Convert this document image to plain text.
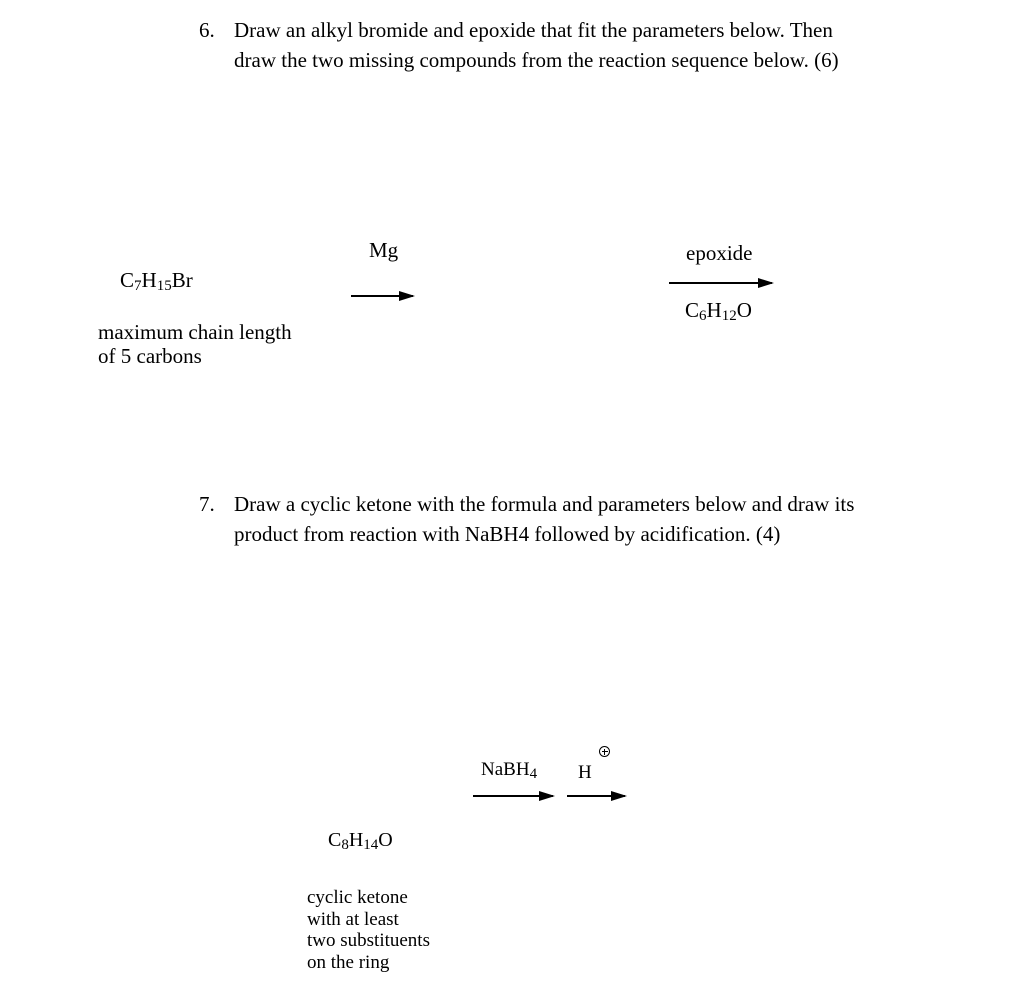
6. Draw an alkyl bromide and epoxide that fit the parameters below. Then
draw the two missing compounds from the reaction sequence below. (6)
$C_7H_{15}Br$
maximum chain length
of 5 carbons
Mg	epoxide
$C_6H_{12}O$
7. Draw a cyclic ketone with the formula and parameters below and draw its
product from reaction with NaBH4 followed by acidification. (4)
NaBH$_4$ H
$C_8H_{14}O$
cyclic ketone
with at least
two substituents
on the ring
